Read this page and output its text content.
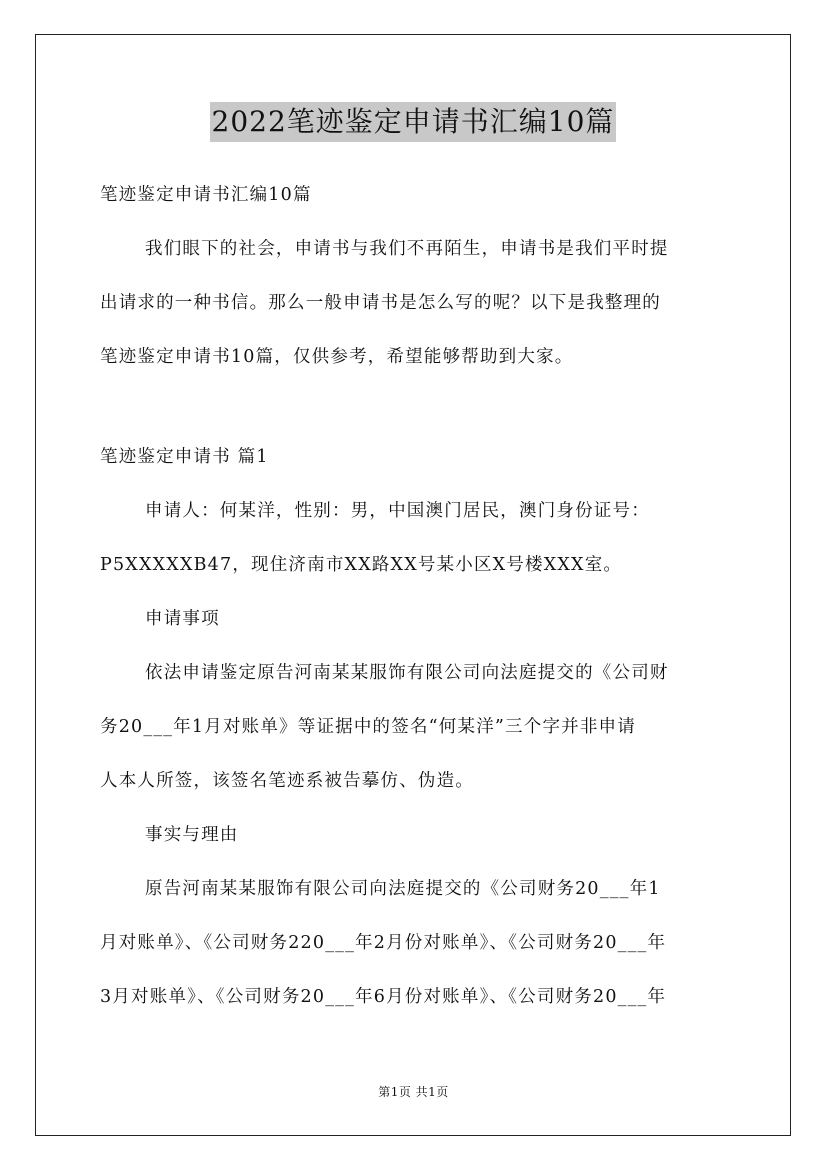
2022笔迹鉴定申请书汇编10篇

笔迹鉴定申请书汇编10篇

我们眼下的社会，申请书与我们不再陌生，申请书是我们平时提

出请求的一种书信。那么一般申请书是怎么写的呢？以下是我整理的

笔迹鉴定申请书10篇，仅供参考，希望能够帮助到大家。

笔迹鉴定申请书 篇1

申请人：何某洋，性别：男，中国澳门居民，澳门身份证号：

P5XXXXXB47，现住济南市XX路XX号某小区X号楼XXX室。

申请事项

依法申请鉴定原告河南某某服饰有限公司向法庭提交的《公司财

务20___年1月对账单》等证据中的签名“何某洋”三个字并非申请

人本人所签，该签名笔迹系被告摹仿、伪造。

事实与理由

原告河南某某服饰有限公司向法庭提交的《公司财务20___年1

月对账单》、《公司财务220___年2月份对账单》、《公司财务20___年

3月对账单》、《公司财务20___年6月份对账单》、《公司财务20___年

第1页 共1页
